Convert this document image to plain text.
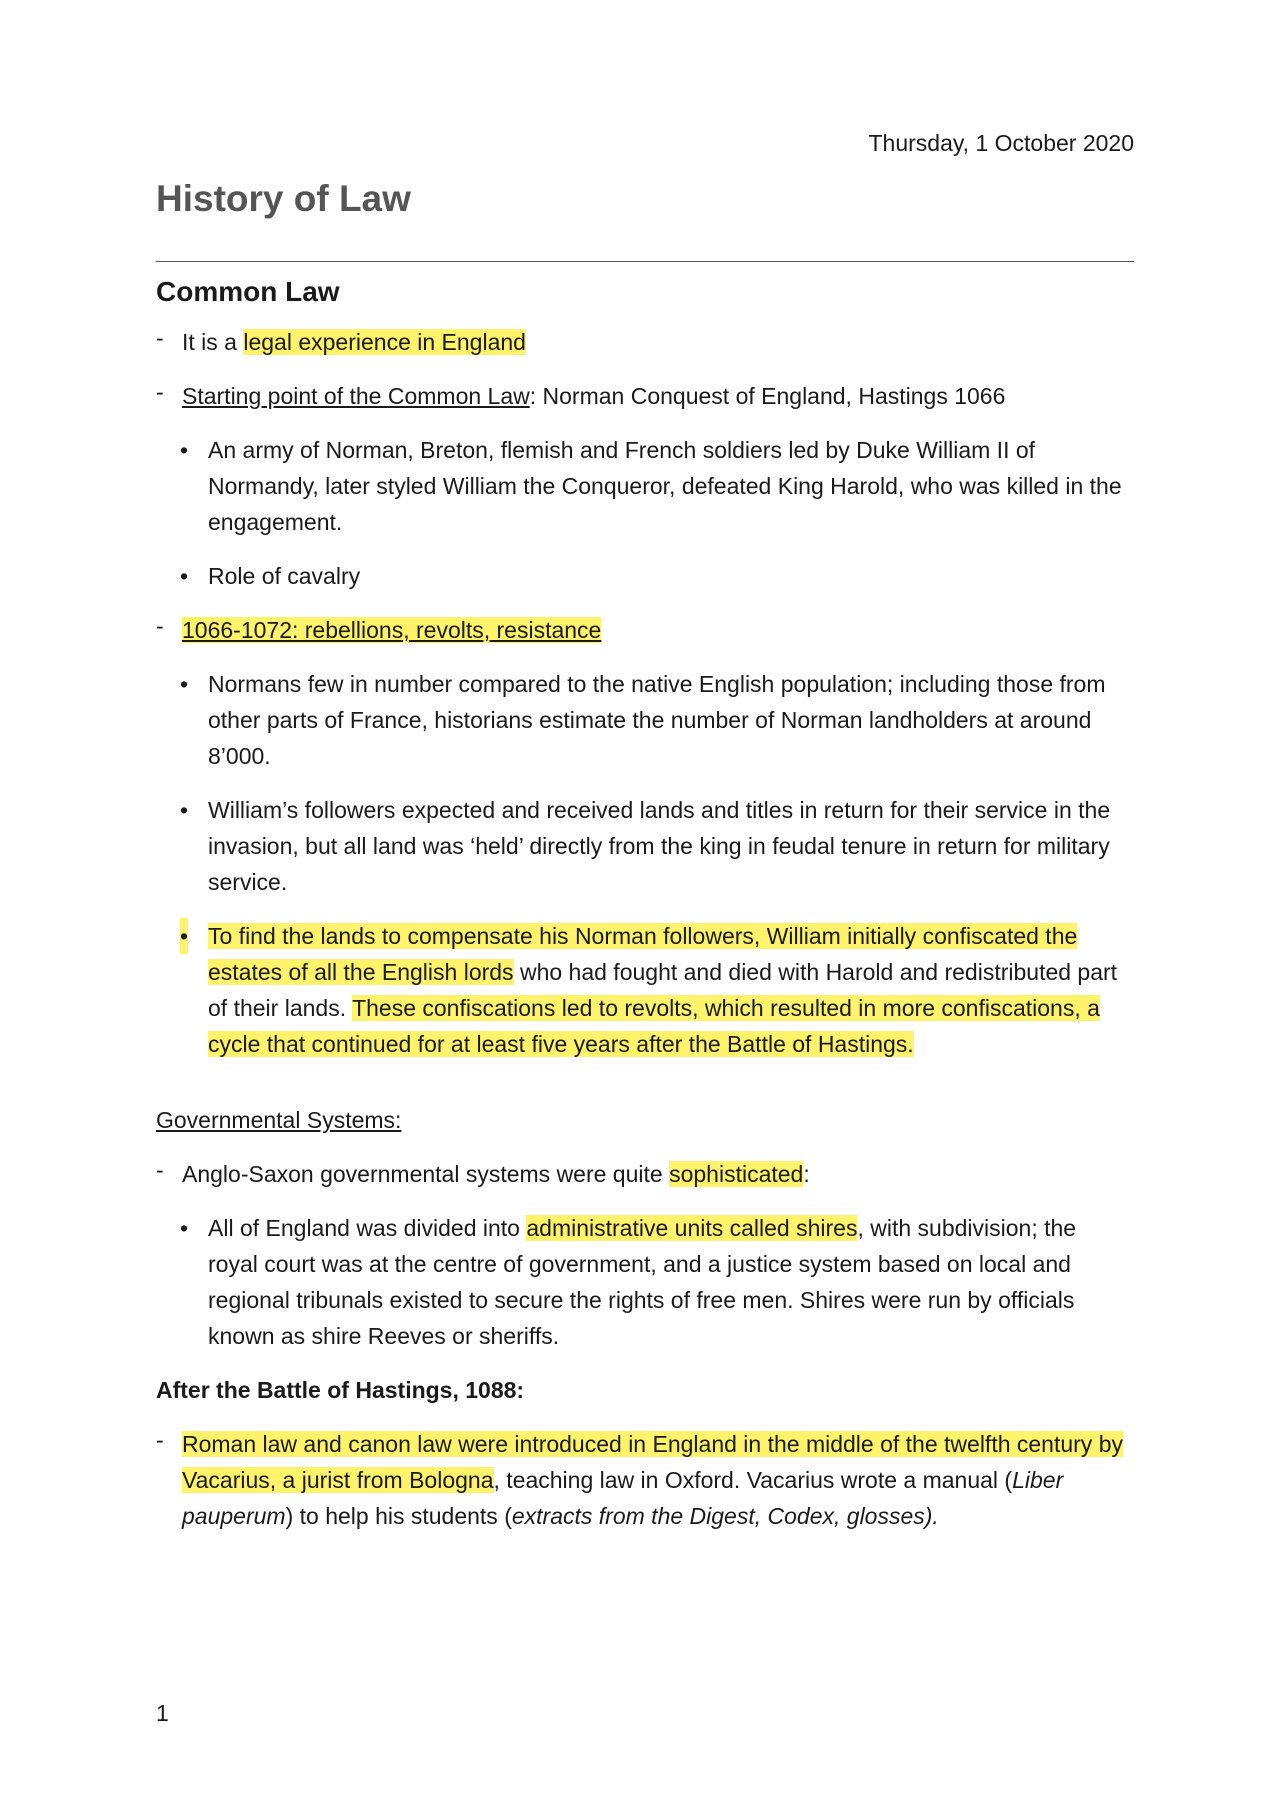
Thursday, 1 October 2020
History of Law
Common Law
- It is a legal experience in England
- Starting point of the Common Law: Norman Conquest of England, Hastings 1066
• An army of Norman, Breton, flemish and French soldiers led by Duke William II of Normandy, later styled William the Conqueror, defeated King Harold, who was killed in the engagement.
• Role of cavalry
- 1066-1072: rebellions, revolts, resistance
• Normans few in number compared to the native English population; including those from other parts of France, historians estimate the number of Norman landholders at around 8’000.
• William’s followers expected and received lands and titles in return for their service in the invasion, but all land was ‘held’ directly from the king in feudal tenure in return for military service.
• To find the lands to compensate his Norman followers, William initially confiscated the estates of all the English lords who had fought and died with Harold and redistributed part of their lands. These confiscations led to revolts, which resulted in more confiscations, a cycle that continued for at least five years after the Battle of Hastings.
Governmental Systems:
- Anglo-Saxon governmental systems were quite sophisticated:
• All of England was divided into administrative units called shires, with subdivision; the royal court was at the centre of government, and a justice system based on local and regional tribunals existed to secure the rights of free men. Shires were run by officials known as shire Reeves or sheriffs.
After the Battle of Hastings, 1088:
- Roman law and canon law were introduced in England in the middle of the twelfth century by Vacarius, a jurist from Bologna, teaching law in Oxford. Vacarius wrote a manual (Liber pauperum) to help his students (extracts from the Digest, Codex, glosses).
1
